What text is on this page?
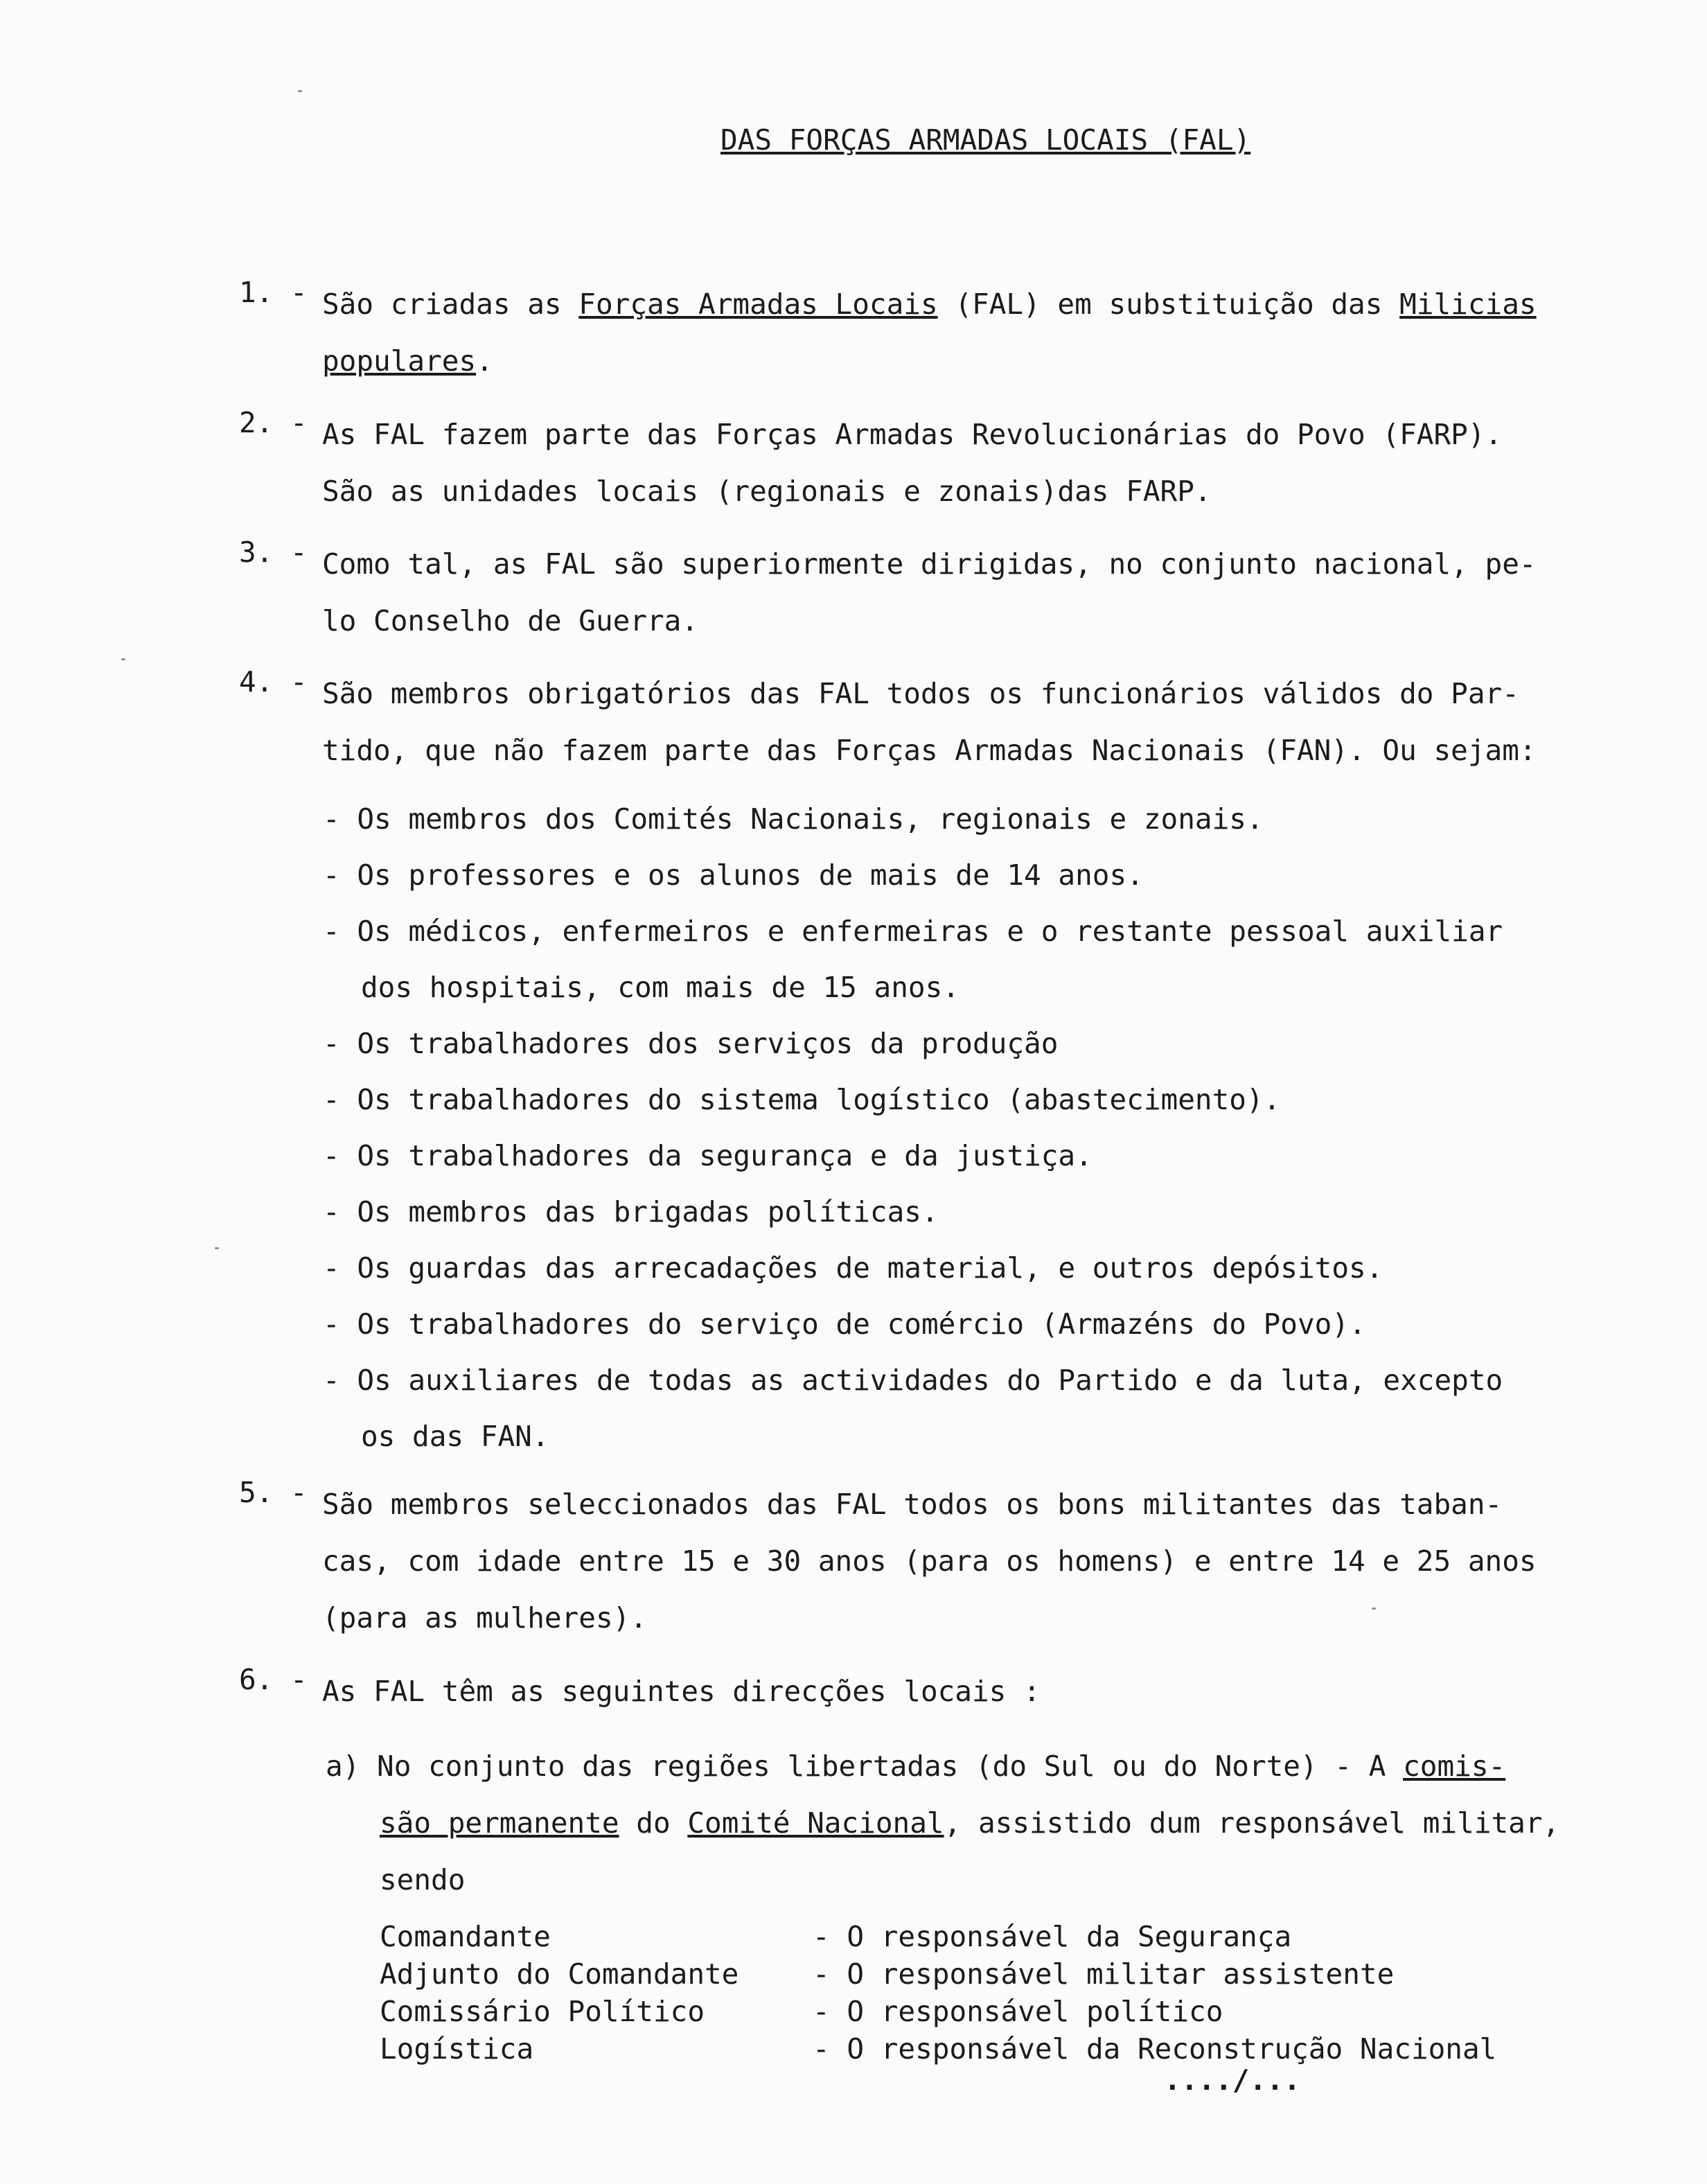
DAS FORÇAS ARMADAS LOCAIS (FAL)
1. - São criadas as Forças Armadas Locais (FAL) em substituição das Milicias
populares.
2. - As FAL fazem parte das Forças Armadas Revolucionárias do Povo (FARP).
São as unidades locais (regionais e zonais)das FARP.
3. - Como tal, as FAL são superiormente dirigidas, no conjunto nacional, pe-
lo Conselho de Guerra.
4. - São membros obrigatórios das FAL todos os funcionários válidos do Par-
tido, que não fazem parte das Forças Armadas Nacionais (FAN). Ou sejam:
- Os membros dos Comités Nacionais, regionais e zonais.
- Os professores e os alunos de mais de 14 anos.
- Os médicos, enfermeiros e enfermeiras e o restante pessoal auxiliar
dos hospitais, com mais de 15 anos.
- Os trabalhadores dos serviços da produção
- Os trabalhadores do sistema logístico (abastecimento).
- Os trabalhadores da segurança e da justiça.
- Os membros das brigadas políticas.
- Os guardas das arrecadações de material, e outros depósitos.
- Os trabalhadores do serviço de comércio (Armazéns do Povo).
- Os auxiliares de todas as actividades do Partido e da luta, excepto
os das FAN.
5. - São membros seleccionados das FAL todos os bons militantes das taban-
cas, com idade entre 15 e 30 anos (para os homens) e entre 14 e 25 anos
(para as mulheres).
6. - As FAL têm as seguintes direcções locais :
a) No conjunto das regiões libertadas (do Sul ou do Norte) - A comis-
são permanente do Comité Nacional, assistido dum responsável militar,
sendo
Comandante	- O responsável da Segurança
Adjunto do Comandante	- O responsável militar assistente
Comissário Político	- O responsável político
Logística	- O responsável da Reconstrução Nacional
..../...
